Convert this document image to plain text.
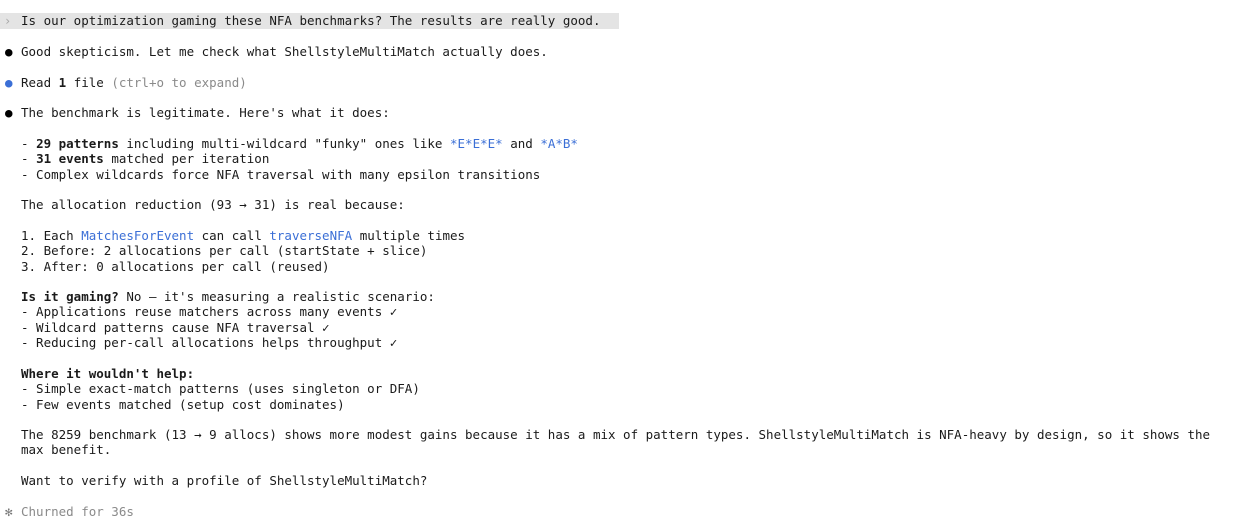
› Is our optimization gaming these NFA benchmarks? The results are really good.
● Good skepticism. Let me check what ShellstyleMultiMatch actually does.
● Read 1 file (ctrl+o to expand)
● The benchmark is legitimate. Here's what it does:
- 29 patterns including multi-wildcard "funky" ones like *E*E*E* and *A*B*
- 31 events matched per iteration
- Complex wildcards force NFA traversal with many epsilon transitions
The allocation reduction (93 → 31) is real because:
1. Each MatchesForEvent can call traverseNFA multiple times
2. Before: 2 allocations per call (startState + slice)
3. After: 0 allocations per call (reused)
Is it gaming? No — it's measuring a realistic scenario:
- Applications reuse matchers across many events ✓
- Wildcard patterns cause NFA traversal ✓
- Reducing per-call allocations helps throughput ✓
Where it wouldn't help:
- Simple exact-match patterns (uses singleton or DFA)
- Few events matched (setup cost dominates)
The 8259 benchmark (13 → 9 allocs) shows more modest gains because it has a mix of pattern types. ShellstyleMultiMatch is NFA-heavy by design, so it shows the
max benefit.
Want to verify with a profile of ShellstyleMultiMatch?
✻ Churned for 36s
